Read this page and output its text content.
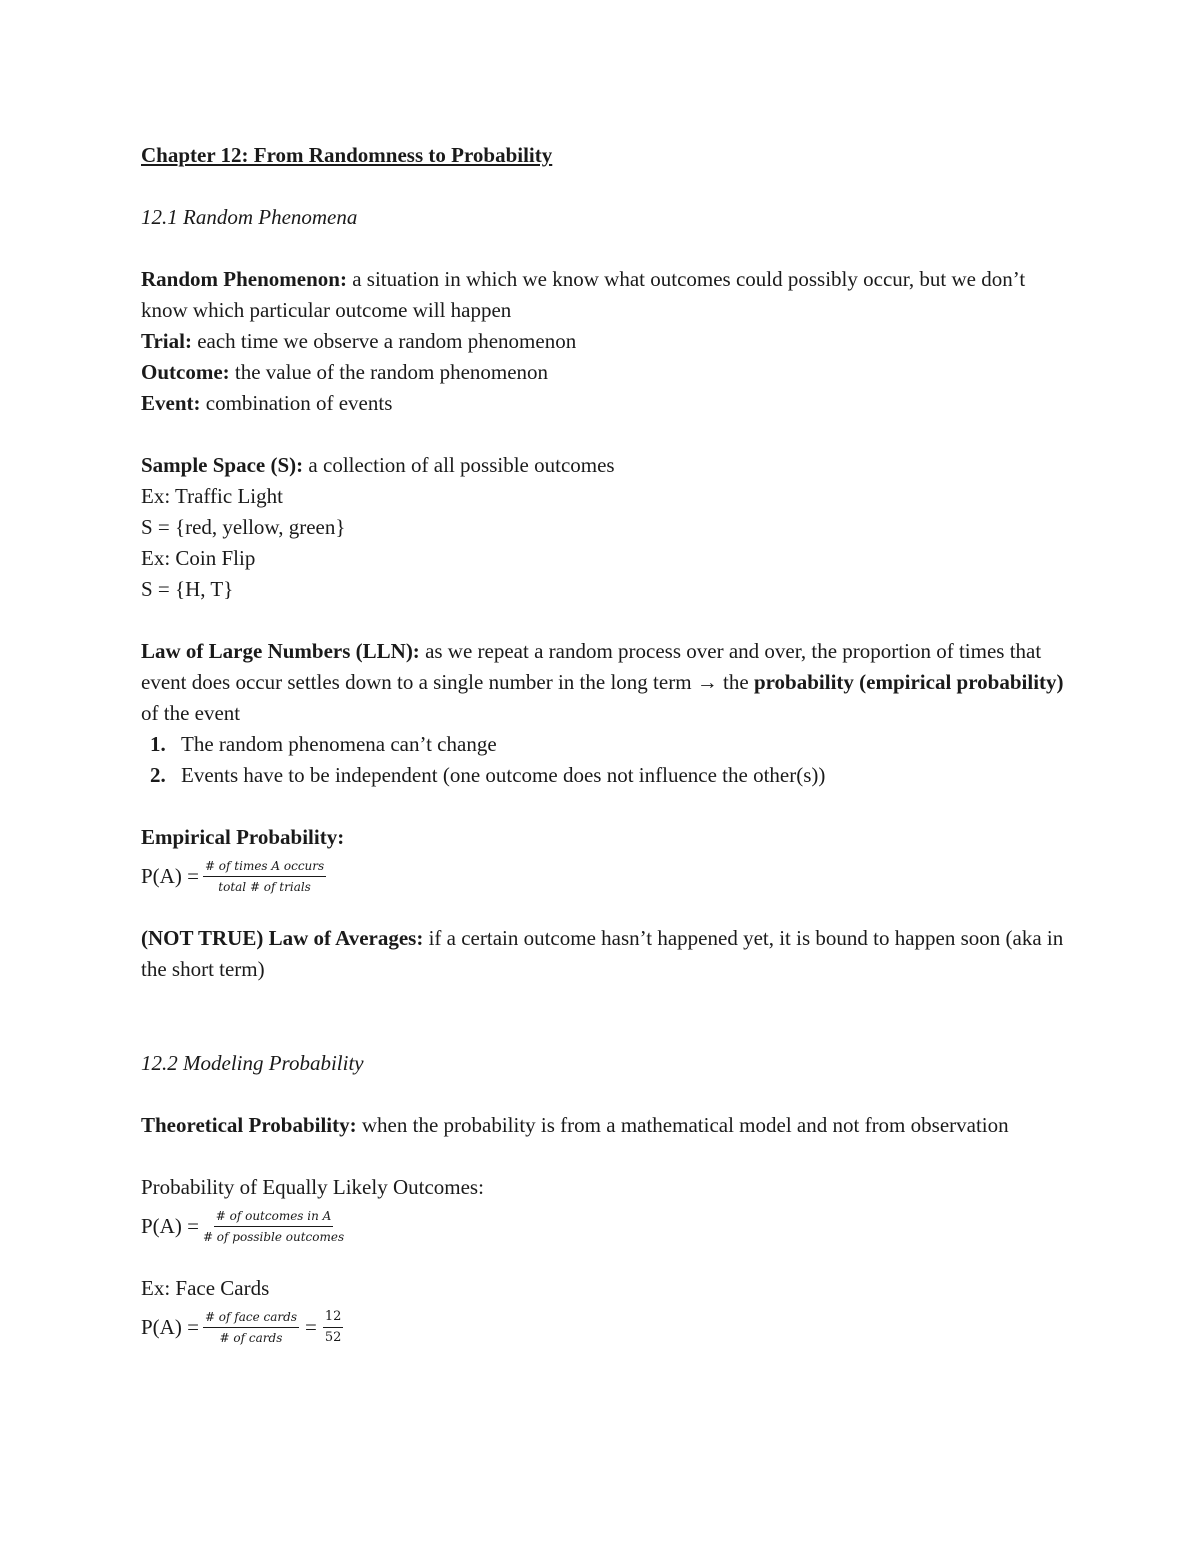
Chapter 12: From Randomness to Probability

12.1 Random Phenomena

Random Phenomenon: a situation in which we know what outcomes could possibly occur, but we don’t know which particular outcome will happen

Trial: each time we observe a random phenomenon

Outcome: the value of the random phenomenon

Event: combination of events

Sample Space (S): a collection of all possible outcomes

Ex: Traffic Light

S = {red, yellow, green}

Ex: Coin Flip

S = {H, T}

Law of Large Numbers (LLN): as we repeat a random process over and over, the proportion of times that event does occur settles down to a single number in the long term → the probability (empirical probability) of the event

1. The random phenomena can’t change
2. Events have to be independent (one outcome does not influence the other(s))

Empirical Probability:

$P(A) = \frac{\text{\# of times A occurs}}{\text{total \# of trials}}$

(NOT TRUE) Law of Averages: if a certain outcome hasn’t happened yet, it is bound to happen soon (aka in the short term)

12.2 Modeling Probability

Theoretical Probability: when the probability is from a mathematical model and not from observation

Probability of Equally Likely Outcomes:

$P(A) = \frac{\text{\# of outcomes in A}}{\text{\# of possible outcomes}}$

Ex: Face Cards

$P(A) = \frac{\text{\# of face cards}}{\text{\# of cards}} = \frac{12}{52}$
